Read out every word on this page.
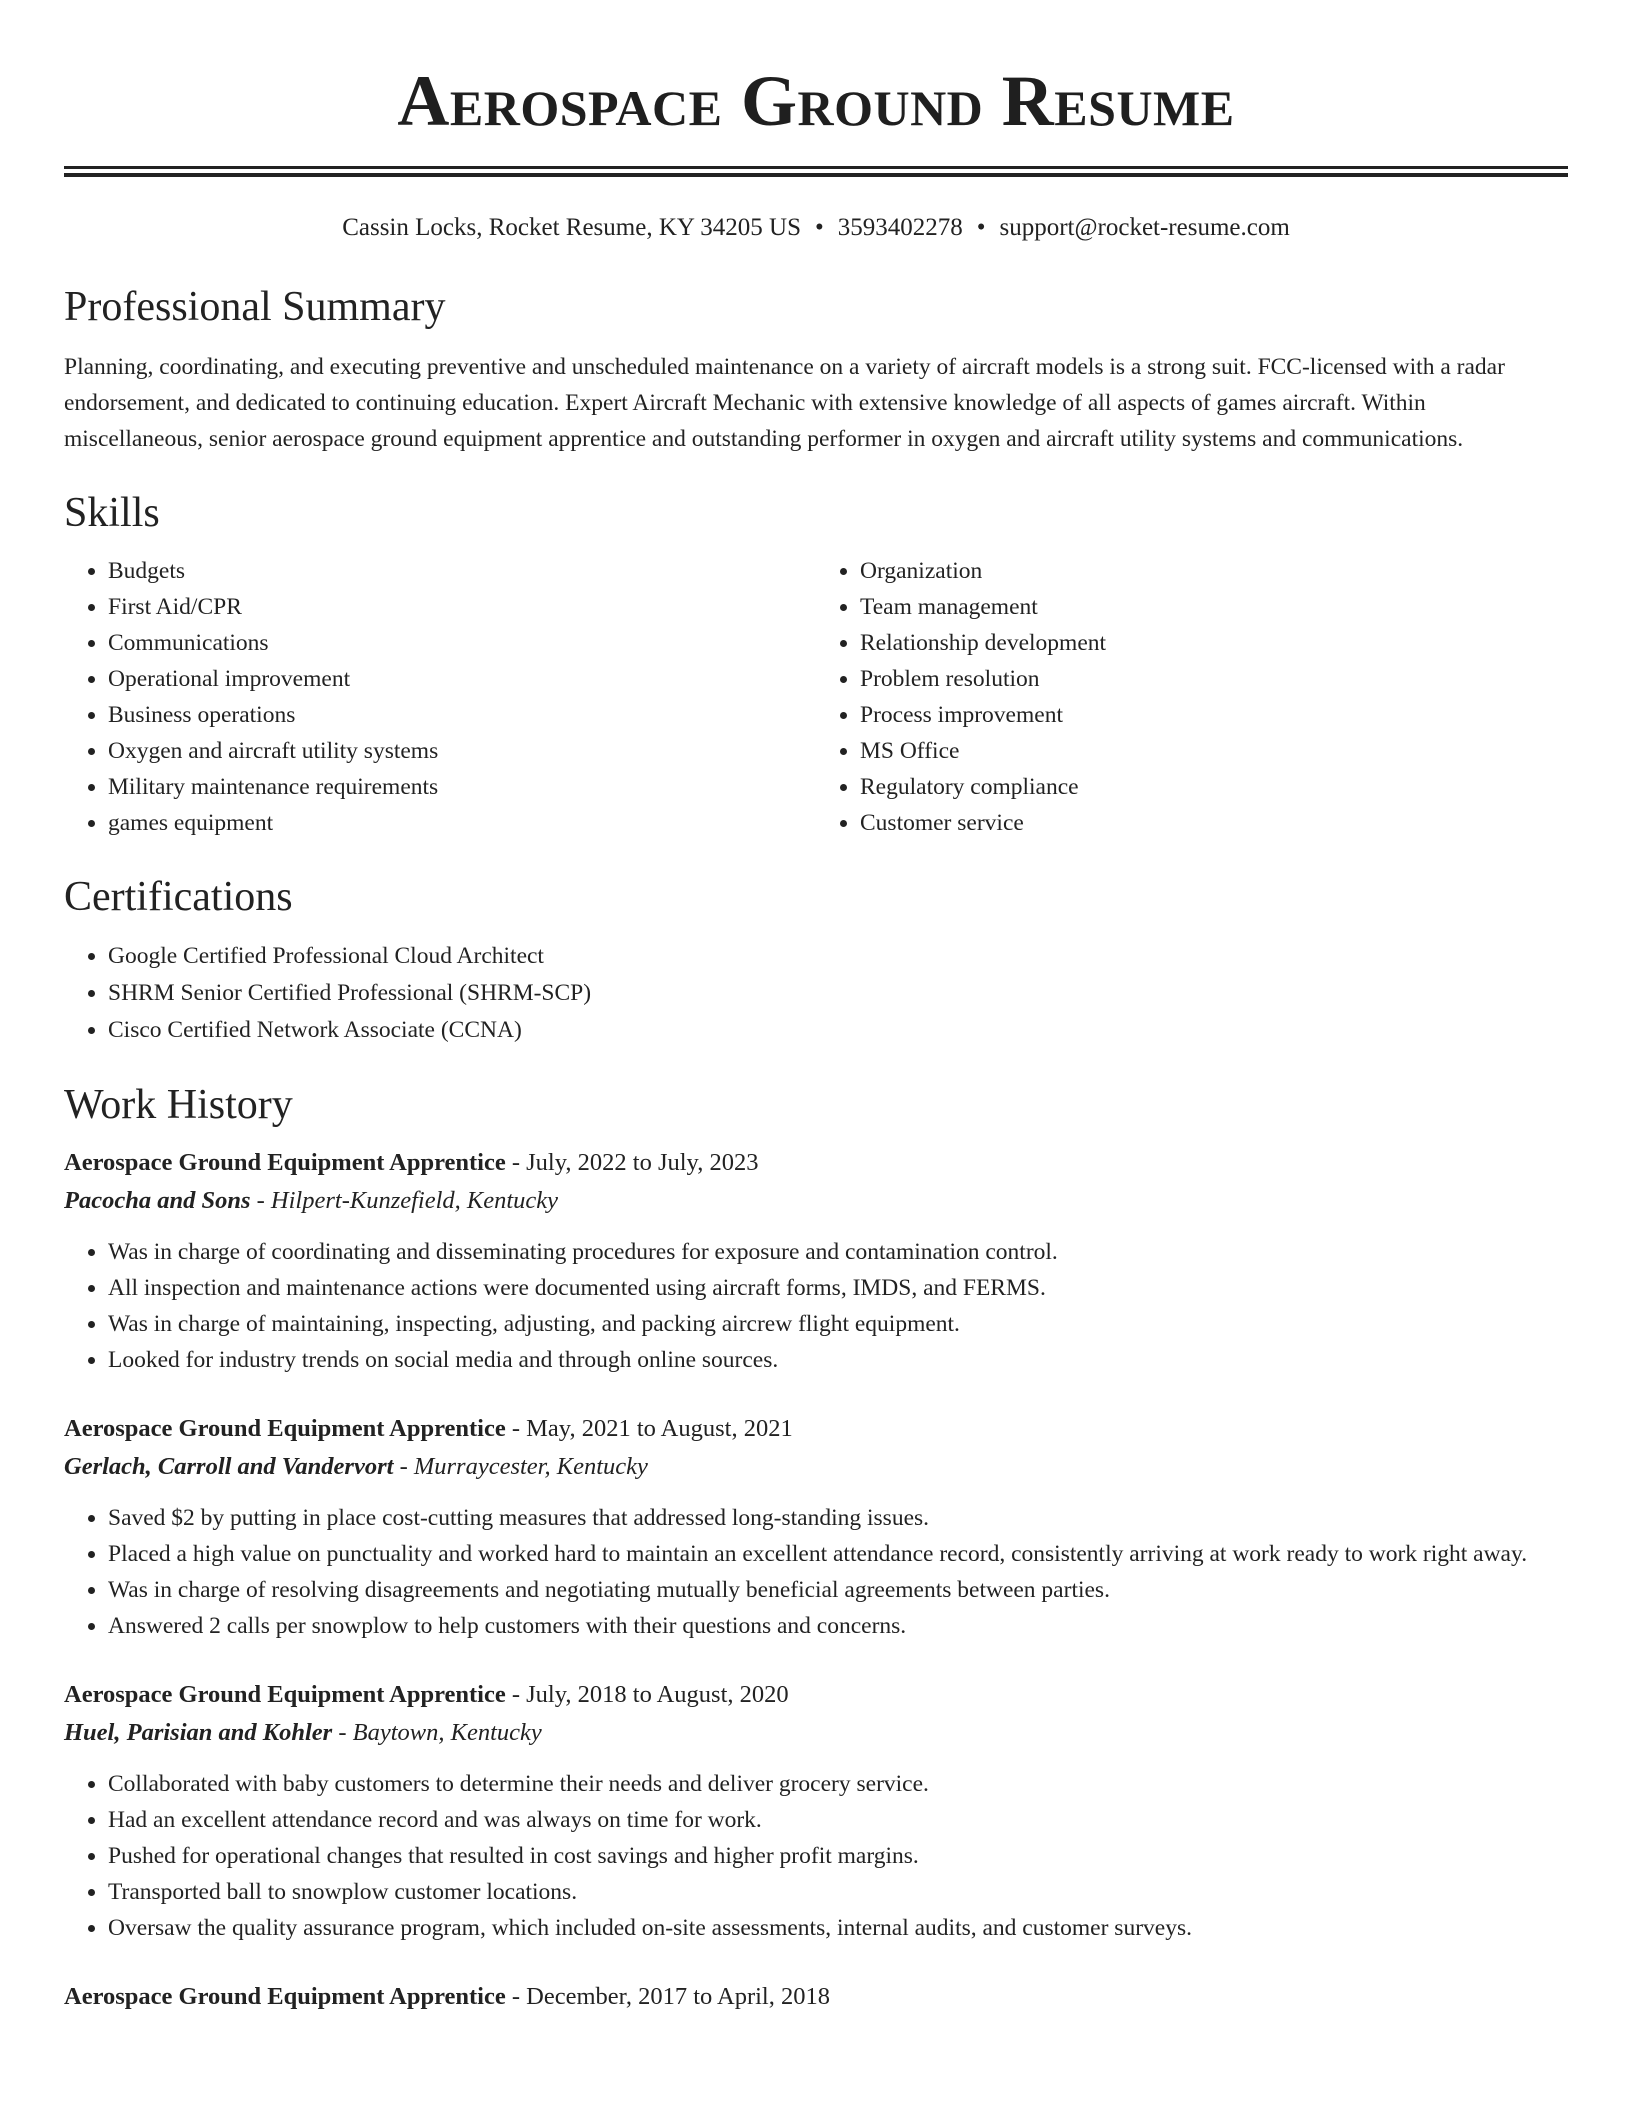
Aerospace Ground Resume
Cassin Locks, Rocket Resume, KY 34205 US • 3593402278 • support@rocket-resume.com
Professional Summary
Planning, coordinating, and executing preventive and unscheduled maintenance on a variety of aircraft models is a strong suit. FCC-licensed with a radar endorsement, and dedicated to continuing education. Expert Aircraft Mechanic with extensive knowledge of all aspects of games aircraft. Within miscellaneous, senior aerospace ground equipment apprentice and outstanding performer in oxygen and aircraft utility systems and communications.
Skills
• Budgets
• First Aid/CPR
• Communications
• Operational improvement
• Business operations
• Oxygen and aircraft utility systems
• Military maintenance requirements
• games equipment
• Organization
• Team management
• Relationship development
• Problem resolution
• Process improvement
• MS Office
• Regulatory compliance
• Customer service
Certifications
• Google Certified Professional Cloud Architect
• SHRM Senior Certified Professional (SHRM-SCP)
• Cisco Certified Network Associate (CCNA)
Work History
Aerospace Ground Equipment Apprentice - July, 2022 to July, 2023
Pacocha and Sons - Hilpert-Kunzefield, Kentucky
• Was in charge of coordinating and disseminating procedures for exposure and contamination control.
• All inspection and maintenance actions were documented using aircraft forms, IMDS, and FERMS.
• Was in charge of maintaining, inspecting, adjusting, and packing aircrew flight equipment.
• Looked for industry trends on social media and through online sources.
Aerospace Ground Equipment Apprentice - May, 2021 to August, 2021
Gerlach, Carroll and Vandervort - Murraycester, Kentucky
• Saved $2 by putting in place cost-cutting measures that addressed long-standing issues.
• Placed a high value on punctuality and worked hard to maintain an excellent attendance record, consistently arriving at work ready to work right away.
• Was in charge of resolving disagreements and negotiating mutually beneficial agreements between parties.
• Answered 2 calls per snowplow to help customers with their questions and concerns.
Aerospace Ground Equipment Apprentice - July, 2018 to August, 2020
Huel, Parisian and Kohler - Baytown, Kentucky
• Collaborated with baby customers to determine their needs and deliver grocery service.
• Had an excellent attendance record and was always on time for work.
• Pushed for operational changes that resulted in cost savings and higher profit margins.
• Transported ball to snowplow customer locations.
• Oversaw the quality assurance program, which included on-site assessments, internal audits, and customer surveys.
Aerospace Ground Equipment Apprentice - December, 2017 to April, 2018
